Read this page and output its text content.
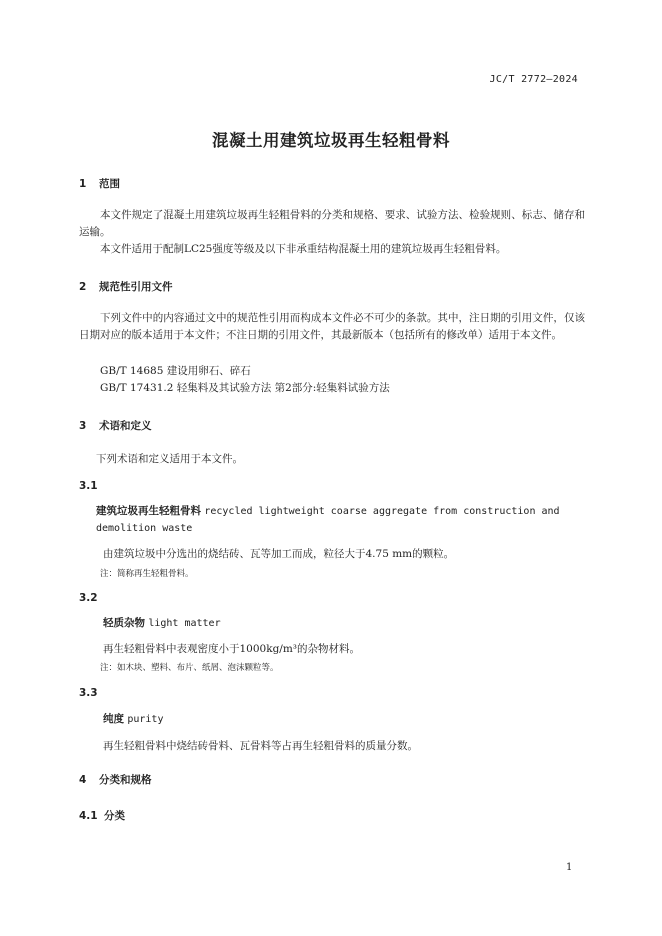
JC/T 2772—2024
混凝土用建筑垃圾再生轻粗骨料
1 范围
本文件规定了混凝土用建筑垃圾再生轻粗骨料的分类和规格、要求、试验方法、检验规则、标志、储存和运输。
本文件适用于配制LC25强度等级及以下非承重结构混凝土用的建筑垃圾再生轻粗骨料。
2 规范性引用文件
下列文件中的内容通过文中的规范性引用而构成本文件必不可少的条款。其中，注日期的引用文件，仅该日期对应的版本适用于本文件；不注日期的引用文件，其最新版本（包括所有的修改单）适用于本文件。
GB/T 14685 建设用卵石、碎石
GB/T 17431.2 轻集料及其试验方法 第2部分:轻集料试验方法
3 术语和定义
下列术语和定义适用于本文件。
3.1
建筑垃圾再生轻粗骨料 recycled lightweight coarse aggregate from construction and demolition waste
由建筑垃圾中分选出的烧结砖、瓦等加工而成，粒径大于4.75 mm的颗粒。
注：简称再生轻粗骨料。
3.2
轻质杂物 light matter
再生轻粗骨料中表观密度小于1000kg/m³的杂物材料。
注：如木块、塑料、布片、纸屑、泡沫颗粒等。
3.3
纯度 purity
再生轻粗骨料中烧结砖骨料、瓦骨料等占再生轻粗骨料的质量分数。
4 分类和规格
4.1 分类
1
